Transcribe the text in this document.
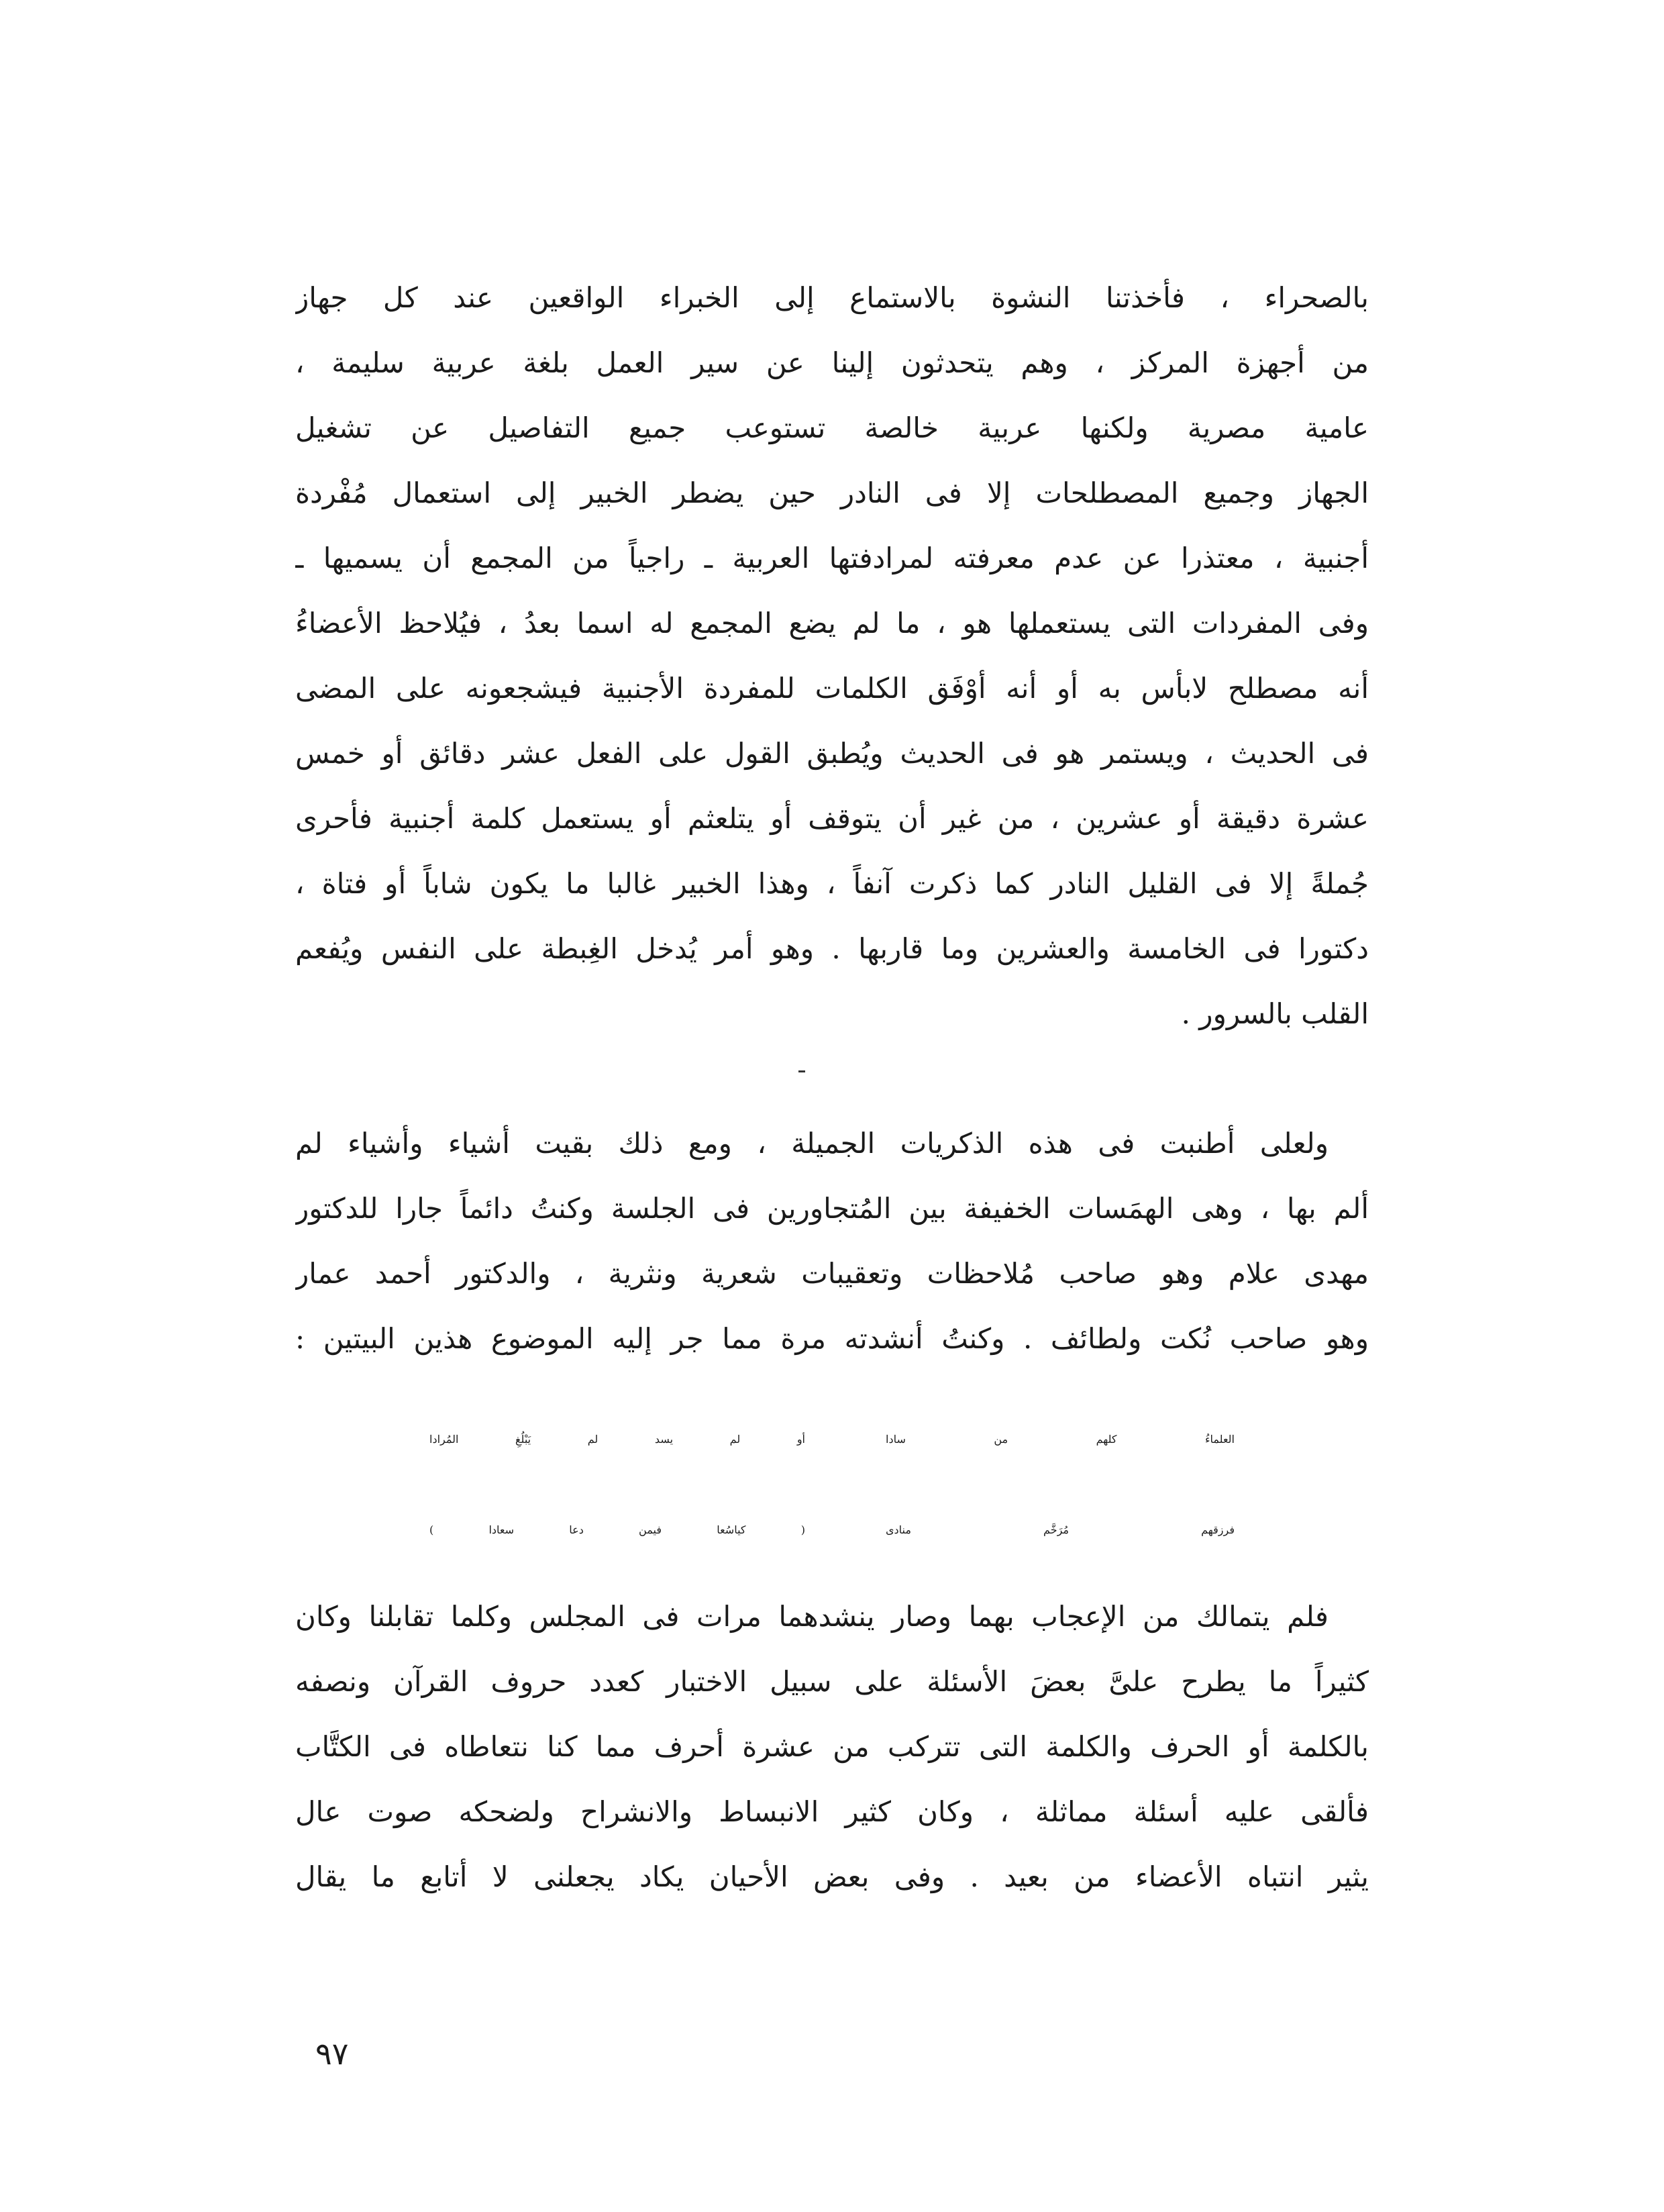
بالصحراء ، فأخذتنا النشوة بالاستماع إلى الخبراء الواقعين عند كل جهاز
من أجهزة المركز ، وهم يتحدثون إلينا عن سير العمل بلغة عربية سليمة ،
عامية مصرية ولكنها عربية خالصة تستوعب جميع التفاصيل عن تشغيل
الجهاز وجميع المصطلحات إلا فى النادر حين يضطر الخبير إلى استعمال مُفْردة
أجنبية ، معتذرا عن عدم معرفته لمرادفتها العربية ـ راجياً من المجمع أن يسميها ـ
وفى المفردات التى يستعملها هو ، ما لم يضع المجمع له اسما بعدُ ، فيُلاحظ الأعضاءُ
أنه مصطلح لابأس به أو أنه أوْفَق الكلمات للمفردة الأجنبية فيشجعونه على المضى
فى الحديث ، ويستمر هو فى الحديث ويُطبق القول على الفعل عشر دقائق أو خمس
عشرة دقيقة أو عشرين ، من غير أن يتوقف أو يتلعثم أو يستعمل كلمة أجنبية فأحرى
جُملةً إلا فى القليل النادر كما ذكرت آنفاً ، وهذا الخبير غالبا ما يكون شاباً أو فتاة ،
دكتورا فى الخامسة والعشرين وما قاربها . وهو أمر يُدخل الغِبطة على النفس ويُفعم
القلب بالسرور .
ولعلى أطنبت فى هذه الذكريات الجميلة ، ومع ذلك بقيت أشياء وأشياء لم
ألم بها ، وهى الهمَسات الخفيفة بين المُتجاورين فى الجلسة وكنتُ دائماً جارا للدكتور
مهدى علام وهو صاحب مُلاحظات وتعقيبات شعرية ونثرية ، والدكتور أحمد عمار
وهو صاحب نُكت ولطائف . وكنتُ أنشدته مرة مما جر إليه الموضوع هذين البيتين :
العلماءُ كلهم من سادا
أو لم يسد لم يَبْلُغِ المُرادا
فرزقهم مُرَخَّم منادى
( كياسُعا فيمن دعا سعادا )
فلم يتمالك من الإعجاب بهما وصار ينشدهما مرات فى المجلس وكلما تقابلنا وكان
كثيراً ما يطرح علىَّ بعضَ الأسئلة على سبيل الاختبار كعدد حروف القرآن ونصفه
بالكلمة أو الحرف والكلمة التى تتركب من عشرة أحرف مما كنا نتعاطاه فى الكتَّاب
فألقى عليه أسئلة مماثلة ، وكان كثير الانبساط والانشراح ولضحكه صوت عال
يثير انتباه الأعضاء من بعيد . وفى بعض الأحيان يكاد يجعلنى لا أتابع ما يقال
٩٧
